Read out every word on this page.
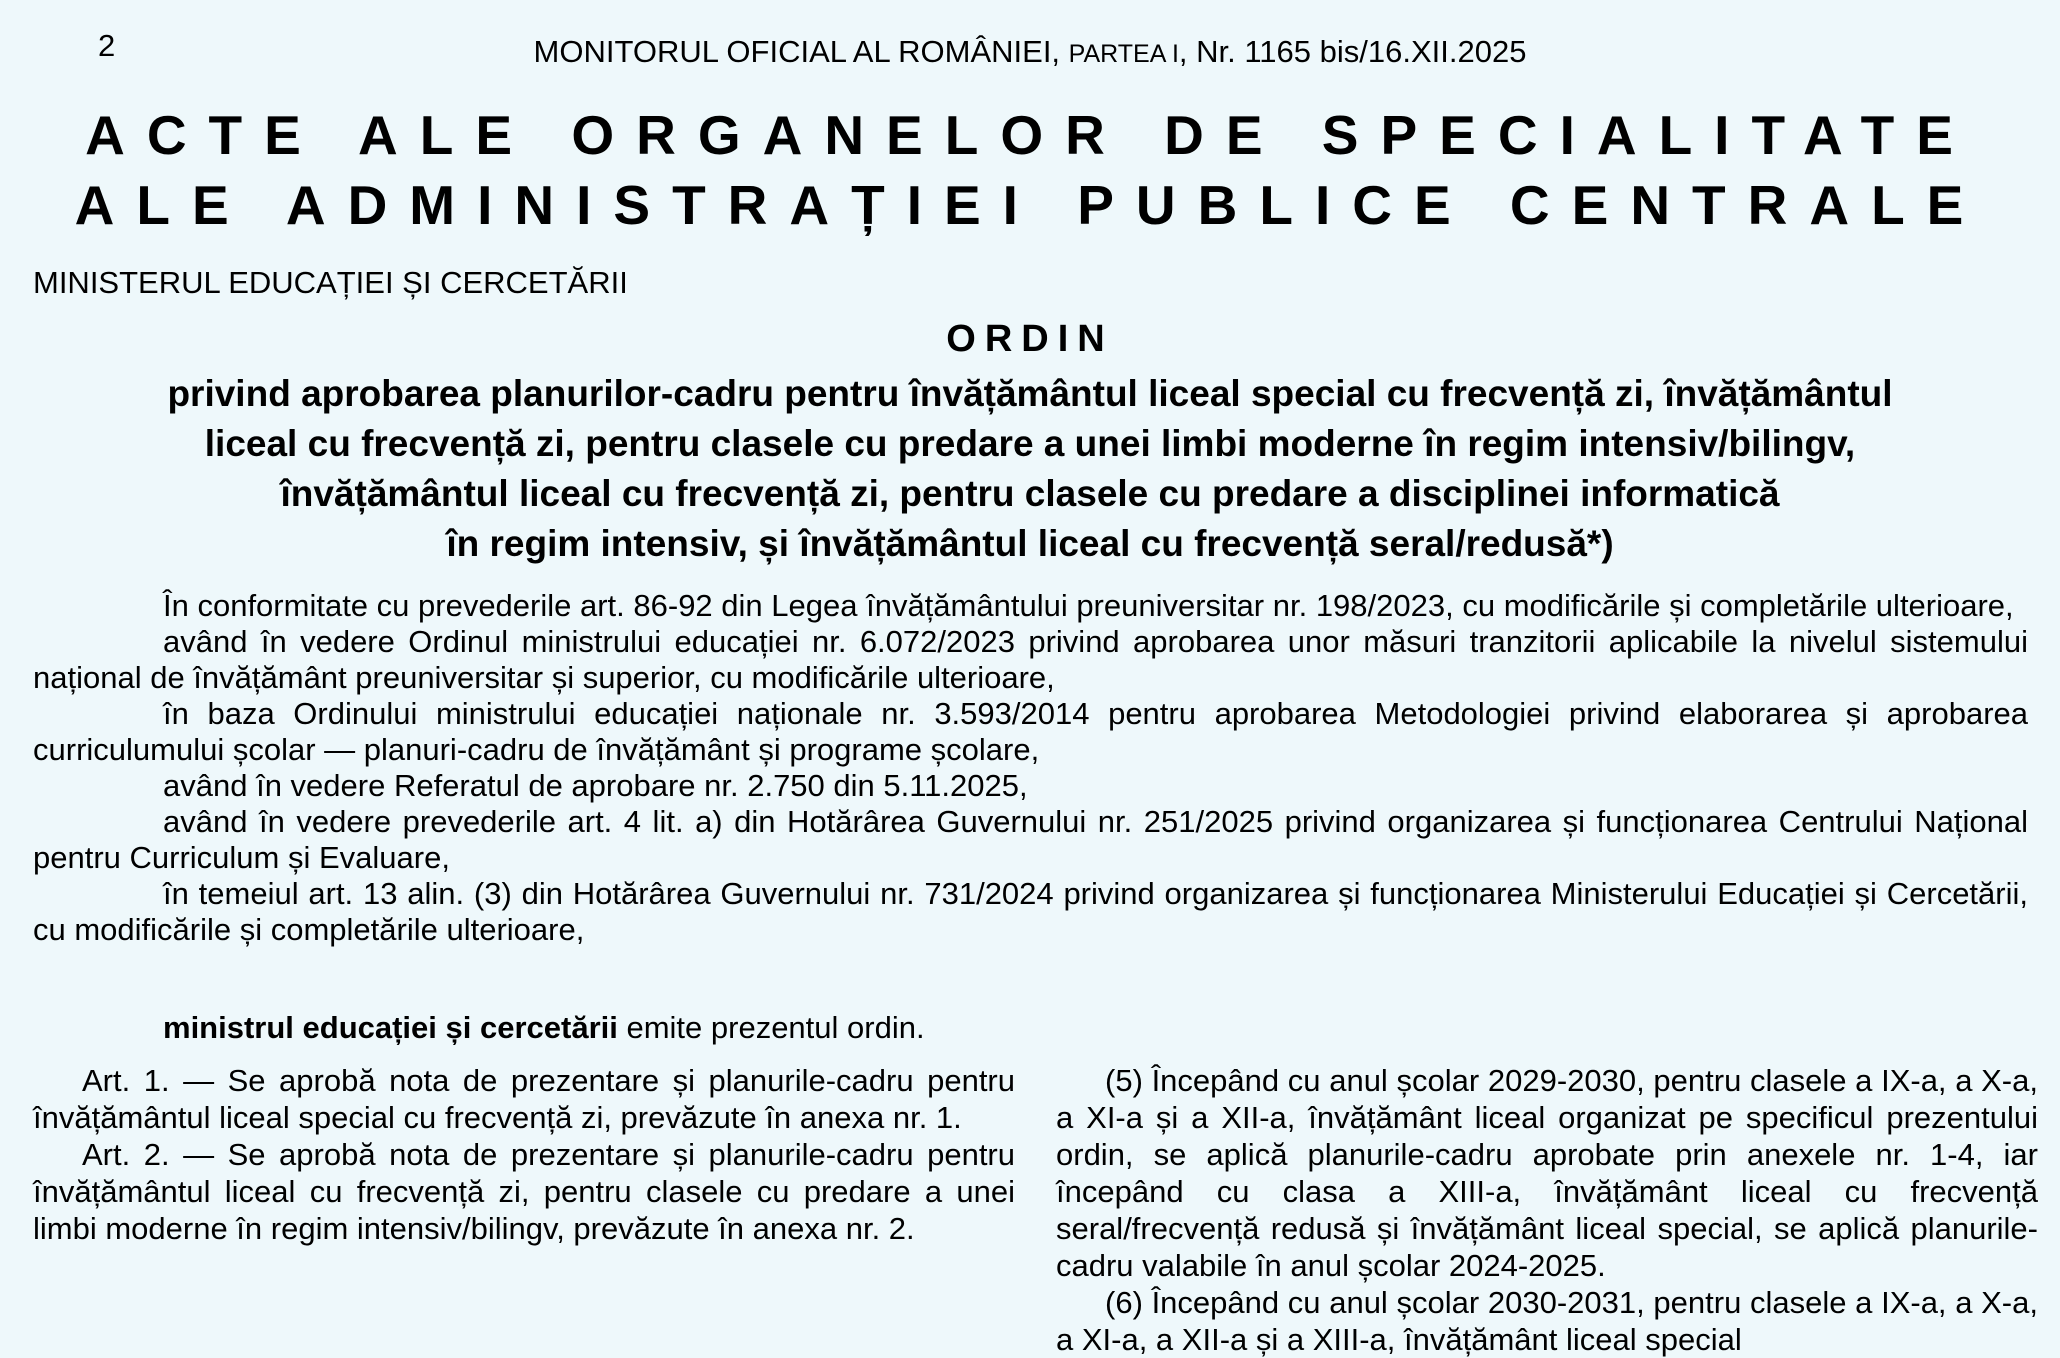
2	MONITORUL OFICIAL AL ROMÂNIEI, PARTEA I, Nr. 1165 bis/16.XII.2025
ACTE ALE ORGANELOR DE SPECIALITATE
ALE ADMINISTRAȚIEI PUBLICE CENTRALE
MINISTERUL EDUCAȚIEI ȘI CERCETĂRII
ORDIN
privind aprobarea planurilor-cadru pentru învățământul liceal special cu frecvență zi, învățământul
liceal cu frecvență zi, pentru clasele cu predare a unei limbi moderne în regim intensiv/bilingv,
învățământul liceal cu frecvență zi, pentru clasele cu predare a disciplinei informatică
în regim intensiv, și învățământul liceal cu frecvență seral/redusă*)

În conformitate cu prevederile art. 86-92 din Legea învățământului preuniversitar nr. 198/2023, cu modificările și completările ulterioare,

având în vedere Ordinul ministrului educației nr. 6.072/2023 privind aprobarea unor măsuri tranzitorii aplicabile la nivelul sistemului național de învățământ preuniversitar și superior, cu modificările ulterioare,

în baza Ordinului ministrului educației naționale nr. 3.593/2014 pentru aprobarea Metodologiei privind elaborarea și aprobarea curriculumului școlar — planuri-cadru de învățământ și programe școlare,

având în vedere Referatul de aprobare nr. 2.750 din 5.11.2025,

având în vedere prevederile art. 4 lit. a) din Hotărârea Guvernului nr. 251/2025 privind organizarea și funcționarea Centrului Național pentru Curriculum și Evaluare,

în temeiul art. 13 alin. (3) din Hotărârea Guvernului nr. 731/2024 privind organizarea și funcționarea Ministerului Educației și Cercetării, cu modificările și completările ulterioare,

ministrul educației și cercetării emite prezentul ordin.

Art. 1. — Se aprobă nota de prezentare și planurile-cadru pentru învățământul liceal special cu frecvență zi, prevăzute în anexa nr. 1.

Art. 2. — Se aprobă nota de prezentare și planurile-cadru pentru învățământul liceal cu frecvență zi, pentru clasele cu predare a unei limbi moderne în regim intensiv/bilingv, prevăzute în anexa nr. 2.

(5) Începând cu anul școlar 2029-2030, pentru clasele a IX-a, a X-a, a XI-a și a XII-a, învățământ liceal organizat pe specificul prezentului ordin, se aplică planurile-cadru aprobate prin anexele nr. 1-4, iar începând cu clasa a XIII-a, învățământ liceal cu frecvență seral/frecvență redusă și învățământ liceal special, se aplică planurile-cadru valabile în anul școlar 2024-2025.

(6) Începând cu anul școlar 2030-2031, pentru clasele a IX-a, a X-a, a XI-a, a XII-a și a XIII-a, învățământ liceal special
